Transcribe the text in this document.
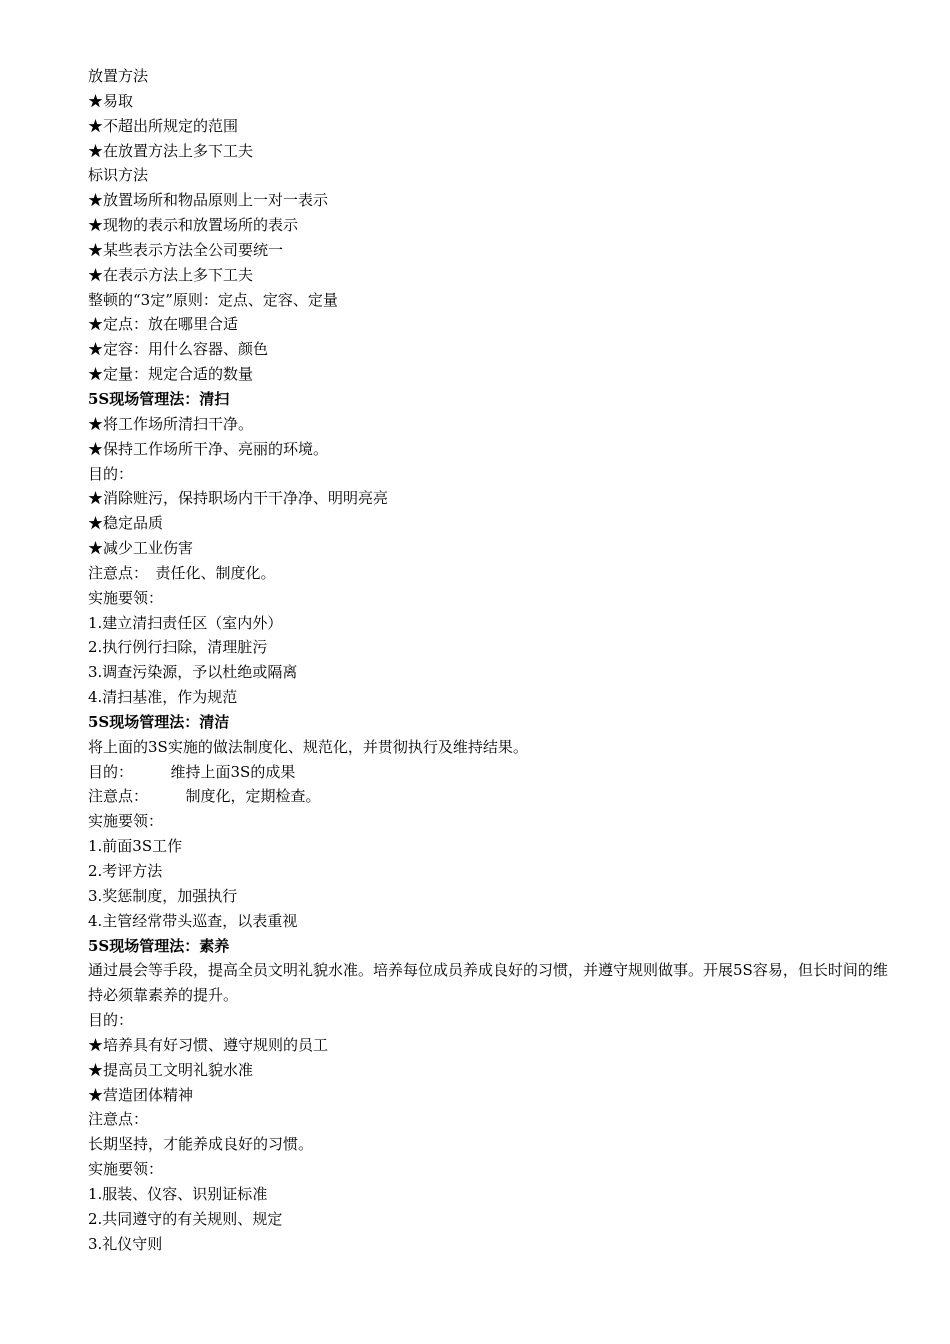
放置方法
★易取
★不超出所规定的范围
★在放置方法上多下工夫
标识方法
★放置场所和物品原则上一对一表示
★现物的表示和放置场所的表示
★某些表示方法全公司要统一
★在表示方法上多下工夫
整顿的“3定”原则：定点、定容、定量
★定点：放在哪里合适
★定容：用什么容器、颜色
★定量：规定合适的数量
5S现场管理法：清扫
★将工作场所清扫干净。
★保持工作场所干净、亮丽的环境。
目的：
★消除赃污，保持职场内干干净净、明明亮亮
★稳定品质
★减少工业伤害
注意点：　责任化、制度化。
实施要领：
1.建立清扫责任区（室内外）
2.执行例行扫除，清理脏污
3.调查污染源，予以杜绝或隔离
4.清扫基准，作为规范
5S现场管理法：清洁
将上面的3S实施的做法制度化、规范化，并贯彻执行及维持结果。
目的：　　　维持上面3S的成果
注意点：　　　制度化，定期检查。
实施要领：
1.前面3S工作
2.考评方法
3.奖惩制度，加强执行
4.主管经常带头巡查，以表重视
5S现场管理法：素养
通过晨会等手段，提高全员文明礼貌水准。培养每位成员养成良好的习惯，并遵守规则做事。开展5S容易，但长时间的维持必须靠素养的提升。
目的：
★培养具有好习惯、遵守规则的员工
★提高员工文明礼貌水准
★营造团体精神
注意点：
长期坚持，才能养成良好的习惯。
实施要领：
1.服装、仪容、识别证标准
2.共同遵守的有关规则、规定
3.礼仪守则
